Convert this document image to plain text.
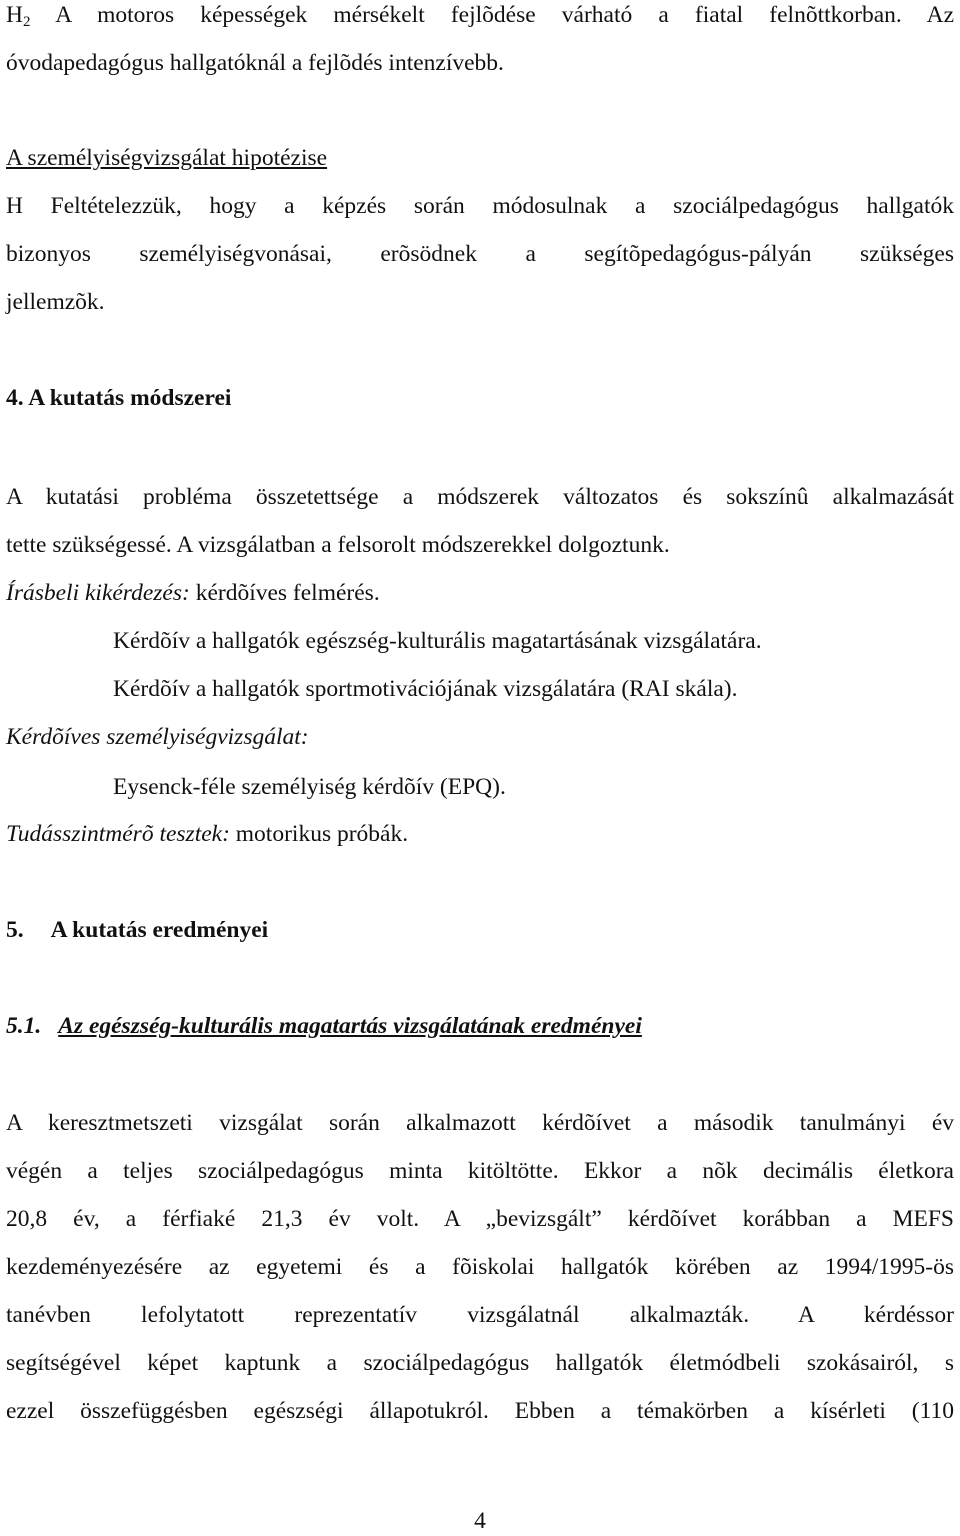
H2 A motoros képességek mérsékelt fejlõdése várható a fiatal felnõttkorban. Az
óvodapedagógus hallgatóknál a fejlõdés intenzívebb.
A személyiségvizsgálat hipotézise
H Feltételezzük, hogy a képzés során módosulnak a szociálpedagógus hallgatók
bizonyos személyiségvonásai, erõsödnek a segítõpedagógus-pályán szükséges
jellemzõk.
4. A kutatás módszerei
A kutatási probléma összetettsége a módszerek változatos és sokszínû alkalmazását
tette szükségessé. A vizsgálatban a felsorolt módszerekkel dolgoztunk.
Írásbeli kikérdezés: kérdõíves felmérés.
Kérdõív a hallgatók egészség-kulturális magatartásának vizsgálatára.
Kérdõív a hallgatók sportmotivációjának vizsgálatára (RAI skála).
Kérdõíves személyiségvizsgálat:
Eysenck-féle személyiség kérdõív (EPQ).
Tudásszintmérõ tesztek: motorikus próbák.
5. A kutatás eredményei
5.1. Az egészség-kulturális magatartás vizsgálatának eredményei
A keresztmetszeti vizsgálat során alkalmazott kérdõívet a második tanulmányi év
végén a teljes szociálpedagógus minta kitöltötte. Ekkor a nõk decimális életkora
20,8 év, a férfiaké 21,3 év volt. A „bevizsgált” kérdõívet korábban a MEFS
kezdeményezésére az egyetemi és a fõiskolai hallgatók körében az 1994/1995-ös
tanévben lefolytatott reprezentatív vizsgálatnál alkalmazták. A kérdéssor
segítségével képet kaptunk a szociálpedagógus hallgatók életmódbeli szokásairól, s
ezzel összefüggésben egészségi állapotukról. Ebben a témakörben a kísérleti (110
4
